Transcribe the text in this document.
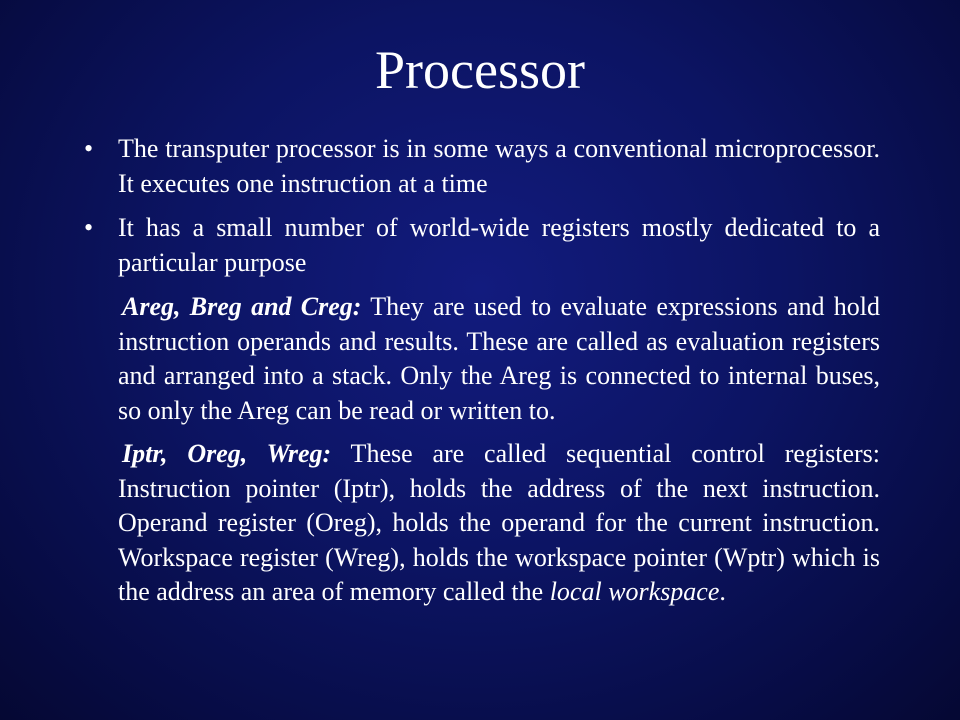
Processor
• The transputer processor is in some ways a conventional microprocessor. It executes one instruction at a time
• It has a small number of world-wide registers mostly dedicated to a particular purpose
Areg, Breg and Creg: They are used to evaluate expressions and hold instruction operands and results. These are called as evaluation registers and arranged into a stack. Only the Areg is connected to internal buses, so only the Areg can be read or written to.
Iptr, Oreg, Wreg: These are called sequential control registers: Instruction pointer (Iptr), holds the address of the next instruction. Operand register (Oreg), holds the operand for the current instruction. Workspace register (Wreg), holds the workspace pointer (Wptr) which is the address an area of memory called the local workspace.
